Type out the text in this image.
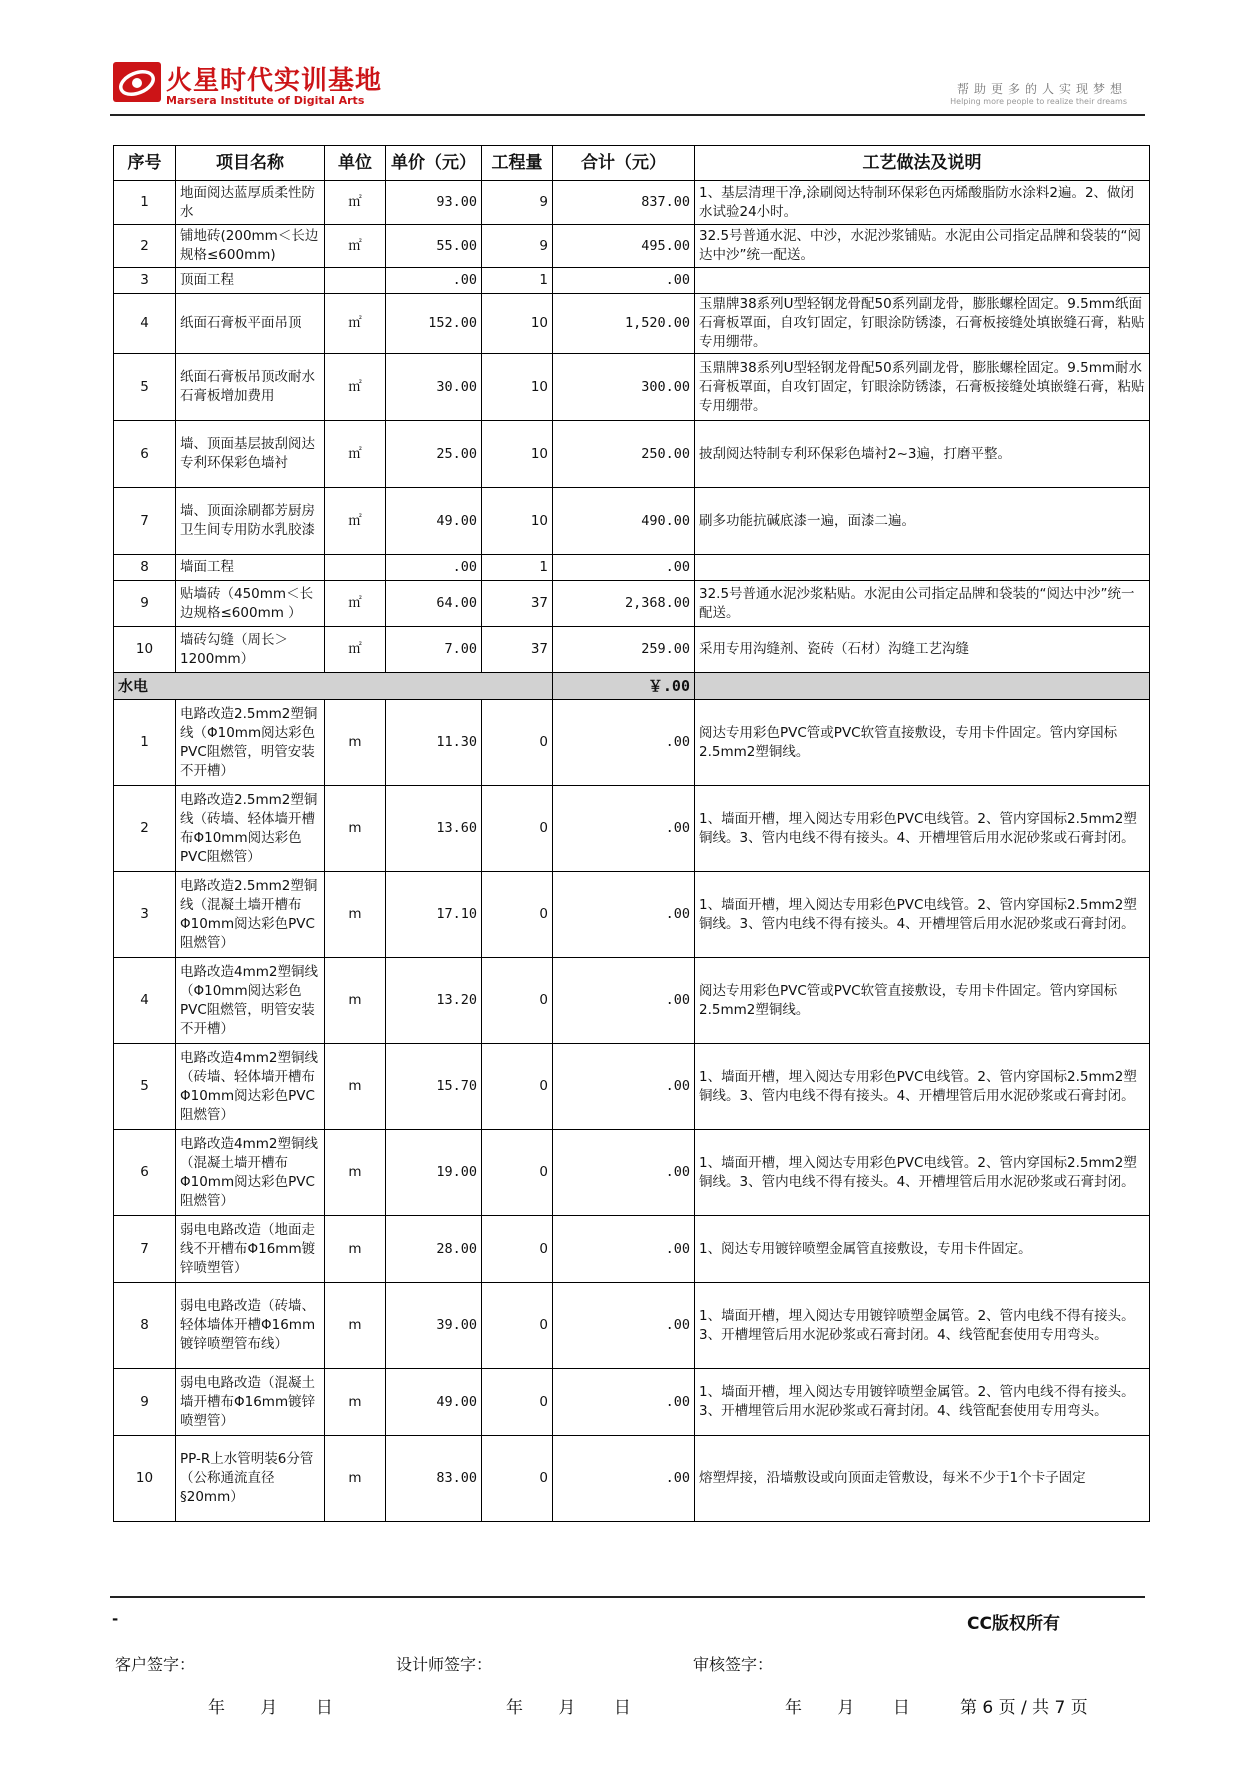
火星时代实训基地
Marsera Institute of Digital Arts
帮助更多的人实现梦想
Helping more people to realize their dreams
序号	项目名称	单位	单价（元）	工程量	合计（元）	工艺做法及说明
1	地面阅达蓝厚质柔性防水	㎡	93.00	9	837.00	1、基层清理干净,涂刷阅达特制环保彩色丙烯酸脂防水涂料2遍。2、做闭水试验24小时。
2	铺地砖(200mm＜长边规格≤600mm)	㎡	55.00	9	495.00	32.5号普通水泥、中沙，水泥沙浆铺贴。水泥由公司指定品牌和袋装的“阅达中沙”统一配送。
3	顶面工程		.00	1	.00	
4	纸面石膏板平面吊顶	㎡	152.00	10	1,520.00	玉鼎牌38系列U型轻钢龙骨配50系列副龙骨，膨胀螺栓固定。9.5mm纸面石膏板罩面，自攻钉固定，钉眼涂防锈漆，石膏板接缝处填嵌缝石膏，粘贴专用绷带。
5	纸面石膏板吊顶改耐水石膏板增加费用	㎡	30.00	10	300.00	玉鼎牌38系列U型轻钢龙骨配50系列副龙骨，膨胀螺栓固定。9.5mm耐水石膏板罩面，自攻钉固定，钉眼涂防锈漆，石膏板接缝处填嵌缝石膏，粘贴专用绷带。
6	墙、顶面基层披刮阅达专利环保彩色墙衬	㎡	25.00	10	250.00	披刮阅达特制专利环保彩色墙衬2~3遍，打磨平整。
7	墙、顶面涂刷都芳厨房卫生间专用防水乳胶漆	㎡	49.00	10	490.00	刷多功能抗碱底漆一遍，面漆二遍。
8	墙面工程		.00	1	.00	
9	贴墙砖（450mm＜长边规格≤600mm ）	㎡	64.00	37	2,368.00	32.5号普通水泥沙浆粘贴。水泥由公司指定品牌和袋装的“阅达中沙”统一配送。
10	墙砖勾缝（周长＞1200mm）	㎡	7.00	37	259.00	采用专用沟缝剂、瓷砖（石材）沟缝工艺沟缝
水电					￥.00	
1	电路改造2.5mm2塑铜线（Φ10mm阅达彩色PVC阻燃管，明管安装不开槽）	m	11.30	0	.00	阅达专用彩色PVC管或PVC软管直接敷设，专用卡件固定。管内穿国标2.5mm2塑铜线。
2	电路改造2.5mm2塑铜线（砖墙、轻体墙开槽布Φ10mm阅达彩色PVC阻燃管）	m	13.60	0	.00	1、墙面开槽，埋入阅达专用彩色PVC电线管。2、管内穿国标2.5mm2塑铜线。3、管内电线不得有接头。4、开槽埋管后用水泥砂浆或石膏封闭。
3	电路改造2.5mm2塑铜线（混凝土墙开槽布Φ10mm阅达彩色PVC阻燃管）	m	17.10	0	.00	1、墙面开槽，埋入阅达专用彩色PVC电线管。2、管内穿国标2.5mm2塑铜线。3、管内电线不得有接头。4、开槽埋管后用水泥砂浆或石膏封闭。
4	电路改造4mm2塑铜线（Φ10mm阅达彩色PVC阻燃管，明管安装不开槽）	m	13.20	0	.00	阅达专用彩色PVC管或PVC软管直接敷设，专用卡件固定。管内穿国标2.5mm2塑铜线。
5	电路改造4mm2塑铜线（砖墙、轻体墙开槽布Φ10mm阅达彩色PVC阻燃管）	m	15.70	0	.00	1、墙面开槽，埋入阅达专用彩色PVC电线管。2、管内穿国标2.5mm2塑铜线。3、管内电线不得有接头。4、开槽埋管后用水泥砂浆或石膏封闭。
6	电路改造4mm2塑铜线（混凝土墙开槽布Φ10mm阅达彩色PVC阻燃管）	m	19.00	0	.00	1、墙面开槽，埋入阅达专用彩色PVC电线管。2、管内穿国标2.5mm2塑铜线。3、管内电线不得有接头。4、开槽埋管后用水泥砂浆或石膏封闭。
7	弱电电路改造（地面走线不开槽布Φ16mm镀锌喷塑管）	m	28.00	0	.00	1、阅达专用镀锌喷塑金属管直接敷设，专用卡件固定。
8	弱电电路改造（砖墙、轻体墙体开槽Φ16mm镀锌喷塑管布线）	m	39.00	0	.00	1、墙面开槽，埋入阅达专用镀锌喷塑金属管。2、管内电线不得有接头。3、开槽埋管后用水泥砂浆或石膏封闭。4、线管配套使用专用弯头。
9	弱电电路改造（混凝土墙开槽布Φ16mm镀锌喷塑管）	m	49.00	0	.00	1、墙面开槽，埋入阅达专用镀锌喷塑金属管。2、管内电线不得有接头。3、开槽埋管后用水泥砂浆或石膏封闭。4、线管配套使用专用弯头。
10	PP-R上水管明装6分管（公称通流直径§20mm）	m	83.00	0	.00	熔塑焊接，沿墙敷设或向顶面走管敷设，每米不少于1个卡子固定
-	CC版权所有
客户签字：	设计师签字：	审核签字：
年 月 日	年 月 日	年 月 日	第 6 页 / 共 7 页
